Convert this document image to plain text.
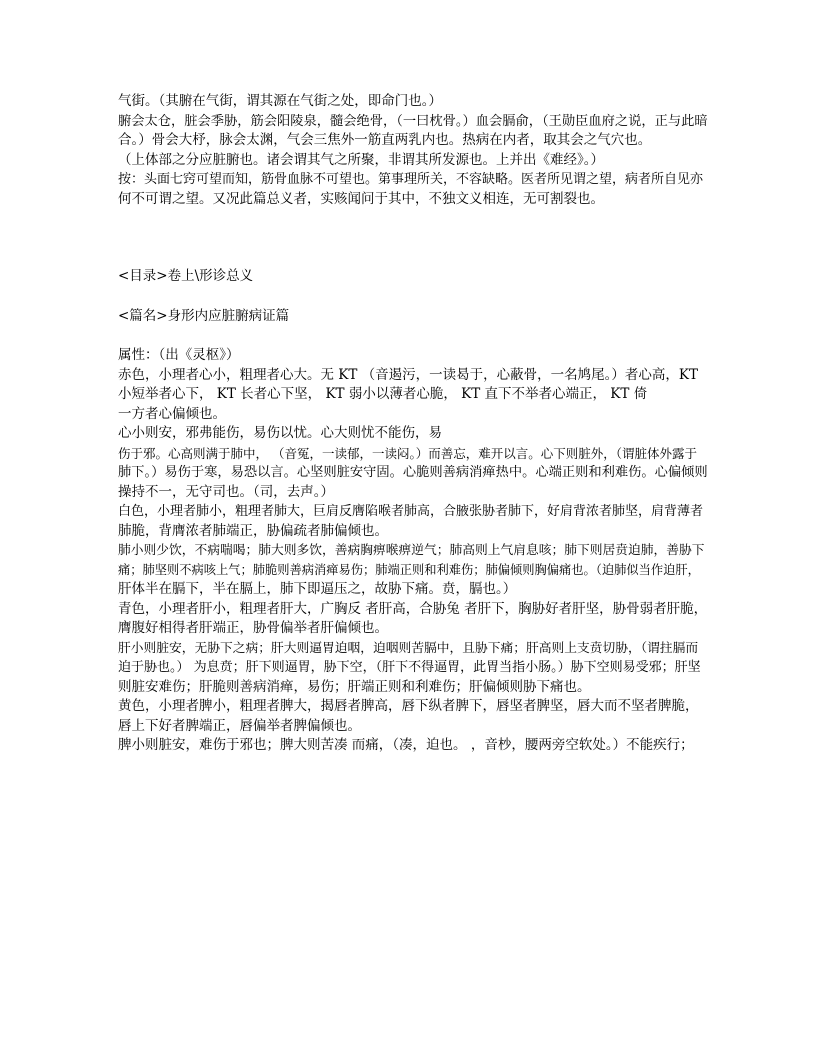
气街。（其腑在气街，谓其源在气街之处，即命门也。）
腑会太仓，脏会季胁，筋会阳陵泉，髓会绝骨，（一曰枕骨。）血会膈俞，（王勋臣血府之说，正与此暗
合。）骨会大杼，脉会太渊，气会三焦外一筋直两乳内也。热病在内者，取其会之气穴也。
（上体部之分应脏腑也。诸会谓其气之所聚，非谓其所发源也。上并出《难经》。）
按：头面七窍可望而知，筋骨血脉不可望也。第事理所关，不容缺略。医者所见谓之望，病者所自见亦
何不可谓之望。又况此篇总义者，实赅闻问于其中，不独文义相连，无可割裂也。
<目录>卷上\形诊总义
<篇名>身形内应脏腑病证篇
属性：（出《灵枢》）
赤色，小理者心小，粗理者心大。无 KT （音遏污，一读曷于，心蔽骨，一名鸠尾。）者心高，KT
小短举者心下， KT 长者心下坚， KT 弱小以薄者心脆， KT 直下不举者心端正， KT 倚
一方者心偏倾也。
心小则安，邪弗能伤，易伤以忧。心大则忧不能伤，易
伤于邪。心高则满于肺中， （音冤，一读郁，一读闷。）而善忘，难开以言。心下则脏外，（谓脏体外露于
肺下。）易伤于寒，易恐以言。心坚则脏安守固。心脆则善病消瘅热中。心端正则和利难伤。心偏倾则
操持不一，无守司也。（司，去声。）
白色，小理者肺小，粗理者肺大，巨肩反膺陷喉者肺高，合腋张胁者肺下，好肩背浓者肺坚，肩背薄者
肺脆，背膺浓者肺端正，胁偏疏者肺偏倾也。
肺小则少饮，不病喘喝；肺大则多饮，善病胸痹喉痹逆气；肺高则上气肩息咳；肺下则居贲迫肺，善胁下
痛；肺坚则不病咳上气；肺脆则善病消瘅易伤；肺端正则和利难伤；肺偏倾则胸偏痛也。（迫肺似当作迫肝，
肝体半在膈下，半在膈上，肺下即逼压之，故胁下痛。贲，膈也。）
青色，小理者肝小，粗理者肝大，广胸反 者肝高，合胁兔 者肝下，胸胁好者肝坚，胁骨弱者肝脆，
膺腹好相得者肝端正，胁骨偏举者肝偏倾也。
肝小则脏安，无胁下之病；肝大则逼胃迫咽，迫咽则苦膈中，且胁下痛；肝高则上支贲切胁，（谓拄膈而
迫于胁也。） 为息贲；肝下则逼胃，胁下空，（肝下不得逼胃，此胃当指小肠。）胁下空则易受邪；肝坚
则脏安难伤；肝脆则善病消瘅，易伤；肝端正则和利难伤；肝偏倾则胁下痛也。
黄色，小理者脾小，粗理者脾大，揭唇者脾高，唇下纵者脾下，唇坚者脾坚，唇大而不坚者脾脆，
唇上下好者脾端正，唇偏举者脾偏倾也。
脾小则脏安，难伤于邪也；脾大则苦凑 而痛，（凑，迫也。 ，音杪，腰两旁空软处。）不能疾行；
